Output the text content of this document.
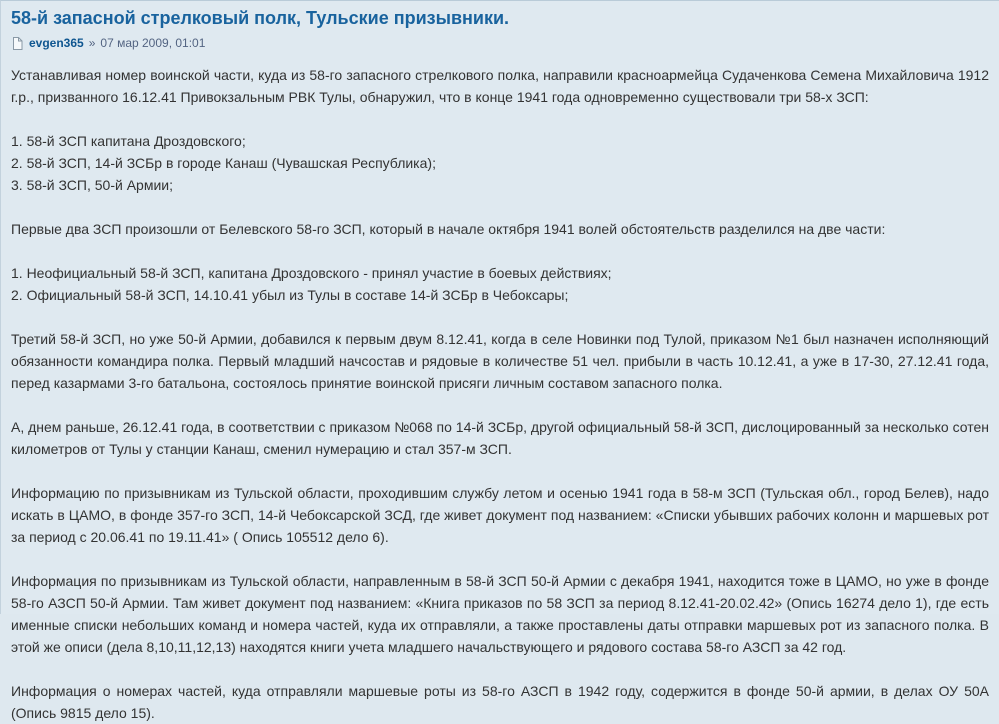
58-й запасной стрелковый полк, Тульские призывники.

evgen365 » 07 мар 2009, 01:01

Устанавливая номер воинской части, куда из 58-го запасного стрелкового полка, направили красноармейца Судаченкова Семена Михайловича 1912 г.р., призванного 16.12.41 Привокзальным РВК Тулы, обнаружил, что в конце 1941 года одновременно существовали три 58-х ЗСП:

1. 58-й ЗСП капитана Дроздовского;
2. 58-й ЗСП, 14-й ЗСБр в городе Канаш (Чувашская Республика);
3. 58-й ЗСП, 50-й Армии;

Первые два ЗСП произошли от Белевского 58-го ЗСП, который в начале октября 1941 волей обстоятельств разделился на две части:

1. Неофициальный 58-й ЗСП, капитана Дроздовского - принял участие в боевых действиях;
2. Официальный 58-й ЗСП, 14.10.41 убыл из Тулы в составе 14-й ЗСБр в Чебоксары;

Третий 58-й ЗСП, но уже 50-й Армии, добавился к первым двум 8.12.41, когда в селе Новинки под Тулой, приказом №1 был назначен исполняющий обязанности командира полка. Первый младший начсостав и рядовые в количестве 51 чел. прибыли в часть 10.12.41, а уже в 17-30, 27.12.41 года, перед казармами 3-го батальона, состоялось принятие воинской присяги личным составом запасного полка.

А, днем раньше, 26.12.41 года, в соответствии с приказом №068 по 14-й ЗСБр, другой официальный 58-й ЗСП, дислоцированный за несколько сотен километров от Тулы у станции Канаш, сменил нумерацию и стал 357-м ЗСП.

Информацию по призывникам из Тульской области, проходившим службу летом и осенью 1941 года в 58-м ЗСП (Тульская обл., город Белев), надо искать в ЦАМО, в фонде 357-го ЗСП, 14-й Чебоксарской ЗСД, где живет документ под названием: «Списки убывших рабочих колонн и маршевых рот за период с 20.06.41 по 19.11.41» ( Опись 105512 дело 6).

Информация по призывникам из Тульской области, направленным в 58-й ЗСП 50-й Армии с декабря 1941, находится тоже в ЦАМО, но уже в фонде 58-го АЗСП 50-й Армии. Там живет документ под названием: «Книга приказов по 58 ЗСП за период 8.12.41-20.02.42» (Опись 16274 дело 1), где есть именные списки небольших команд и номера частей, куда их отправляли, а также проставлены даты отправки маршевых рот из запасного полка. В этой же описи (дела 8,10,11,12,13) находятся книги учета младшего начальствующего и рядового состава 58-го АЗСП за 42 год.

Информация о номерах частей, куда отправляли маршевые роты из 58-го АЗСП в 1942 году, содержится в фонде 50-й армии, в делах ОУ 50А (Опись 9815 дело 15).
